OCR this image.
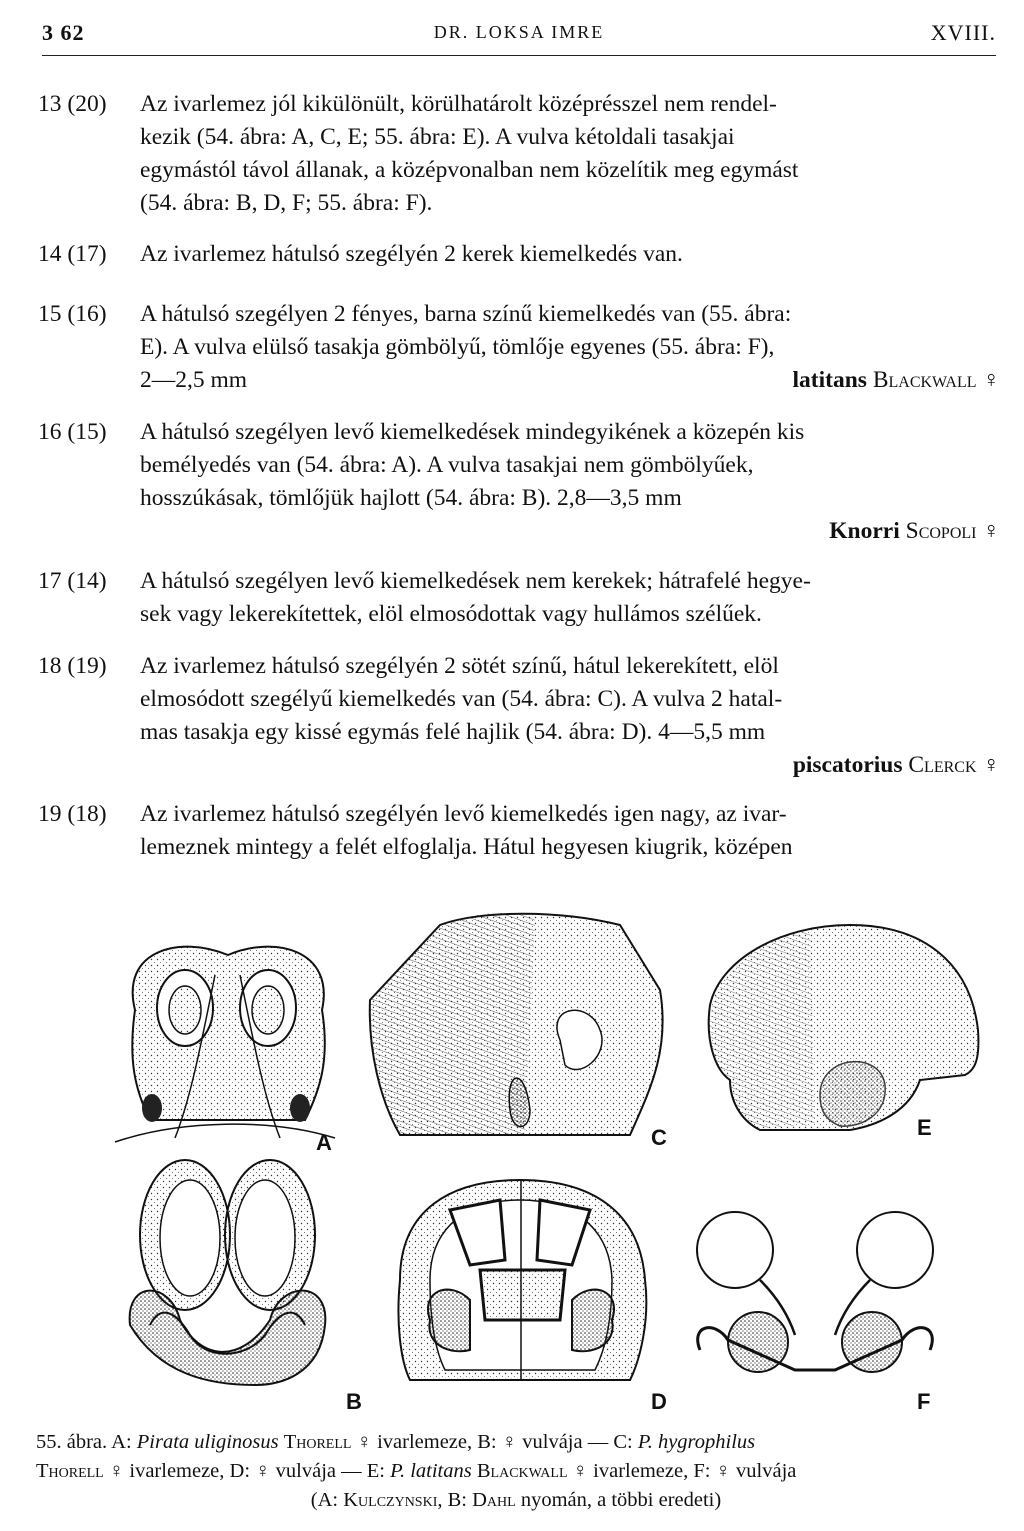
3 62	DR. LOKSA IMRE	XVIII.
13 (20)	Az ivarlemez jól kikülönült, körülhatárolt középrésszel nem rendel-
kezik (54. ábra: A, C, E; 55. ábra: E). A vulva kétoldali tasakjai
egymástól távol állanak, a középvonalban nem közelítik meg egymást
(54. ábra: B, D, F; 55. ábra: F).
14 (17)	Az ivarlemez hátulsó szegélyén 2 kerek kiemelkedés van.
15 (16)	A hátulsó szegélyen 2 fényes, barna színű kiemelkedés van (55. ábra:
E). A vulva elülső tasakja gömbölyű, tömlője egyenes (55. ábra: F),
2—2,5 mm	latitans Blackwall ♀
16 (15)	A hátulsó szegélyen levő kiemelkedések mindegyikének a közepén kis
bemélyedés van (54. ábra: A). A vulva tasakjai nem gömbölyűek,
hosszúkásak, tömlőjük hajlott (54. ábra: B). 2,8—3,5 mm
Knorri Scopoli ♀
17 (14)	A hátulsó szegélyen levő kiemelkedések nem kerekek; hátrafelé hegye-
sek vagy lekerekítettek, elöl elmosódottak vagy hullámos szélűek.
18 (19)	Az ivarlemez hátulsó szegélyén 2 sötét színű, hátul lekerekített, elöl
elmosódott szegélyű kiemelkedés van (54. ábra: C). A vulva 2 hatal-
mas tasakja egy kissé egymás felé hajlik (54. ábra: D). 4—5,5 mm
piscatorius Clerck ♀
19 (18)	Az ivarlemez hátulsó szegélyén levő kiemelkedés igen nagy, az ivar-
lemeznek mintegy a felét elfoglalja. Hátul hegyesen kiugrik, középen
A	C	E
B	D	F
55. ábra. A: Pirata uliginosus Thorell ♀ ivarlemeze, B: ♀ vulvája — C: P. hygrophilus
Thorell ♀ ivarlemeze, D: ♀ vulvája — E: P. latitans Blackwall ♀ ivarlemeze, F: ♀ vulvája
(A: Kulczynski, B: Dahl nyomán, a többi eredeti)
